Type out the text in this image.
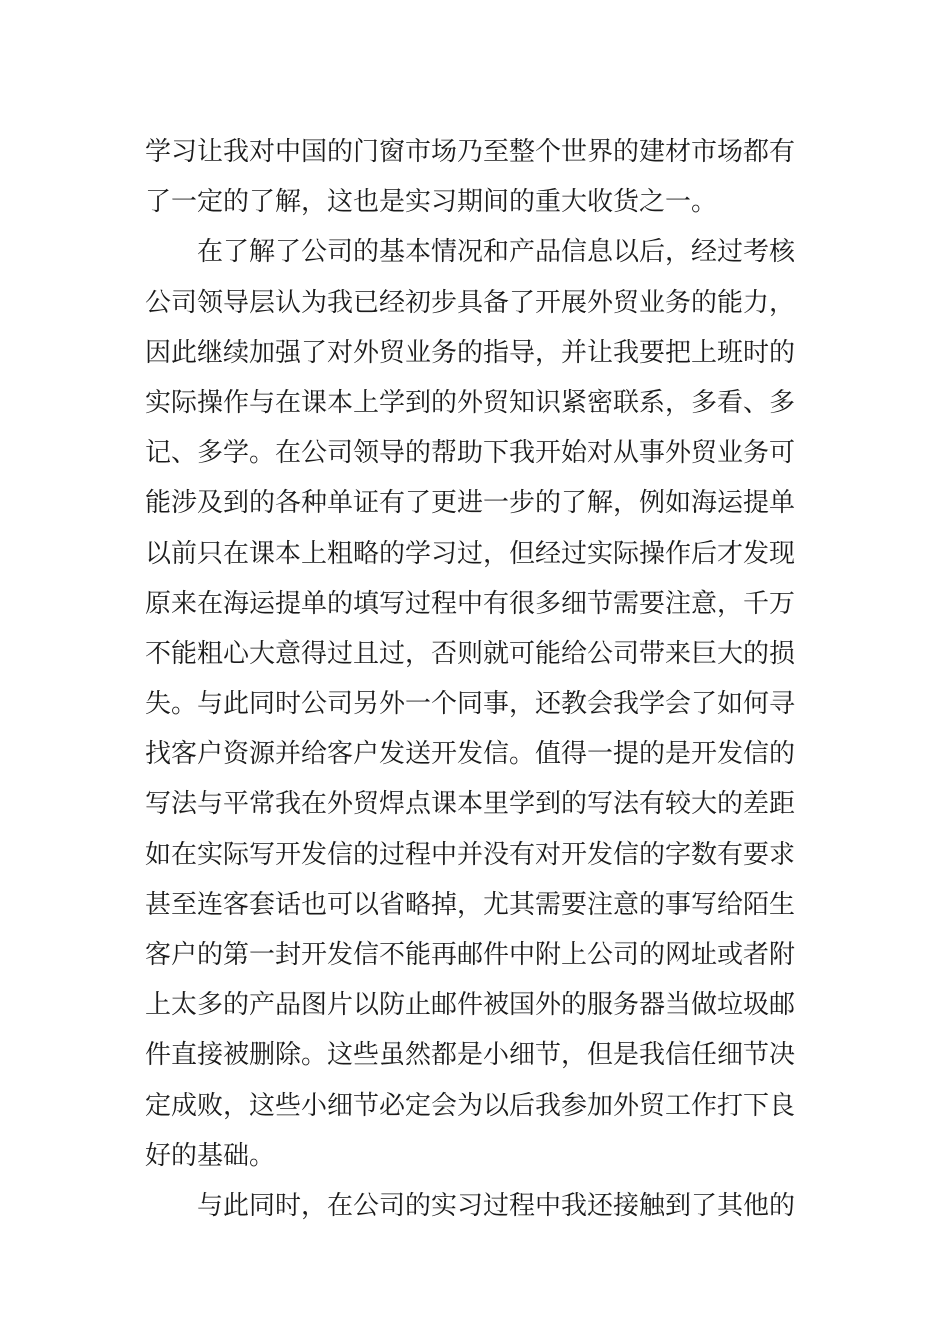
学习让我对中国的门窗市场乃至整个世界的建材市场都有
了一定的了解，这也是实习期间的重大收货之一。
在了解了公司的基本情况和产品信息以后，经过考核
公司领导层认为我已经初步具备了开展外贸业务的能力，
因此继续加强了对外贸业务的指导，并让我要把上班时的
实际操作与在课本上学到的外贸知识紧密联系，多看、多
记、多学。在公司领导的帮助下我开始对从事外贸业务可
能涉及到的各种单证有了更进一步的了解，例如海运提单
以前只在课本上粗略的学习过，但经过实际操作后才发现
原来在海运提单的填写过程中有很多细节需要注意，千万
不能粗心大意得过且过，否则就可能给公司带来巨大的损
失。与此同时公司另外一个同事，还教会我学会了如何寻
找客户资源并给客户发送开发信。值得一提的是开发信的
写法与平常我在外贸焊点课本里学到的写法有较大的差距
如在实际写开发信的过程中并没有对开发信的字数有要求
甚至连客套话也可以省略掉，尤其需要注意的事写给陌生
客户的第一封开发信不能再邮件中附上公司的网址或者附
上太多的产品图片以防止邮件被国外的服务器当做垃圾邮
件直接被删除。这些虽然都是小细节，但是我信任细节决
定成败，这些小细节必定会为以后我参加外贸工作打下良
好的基础。
与此同时，在公司的实习过程中我还接触到了其他的
